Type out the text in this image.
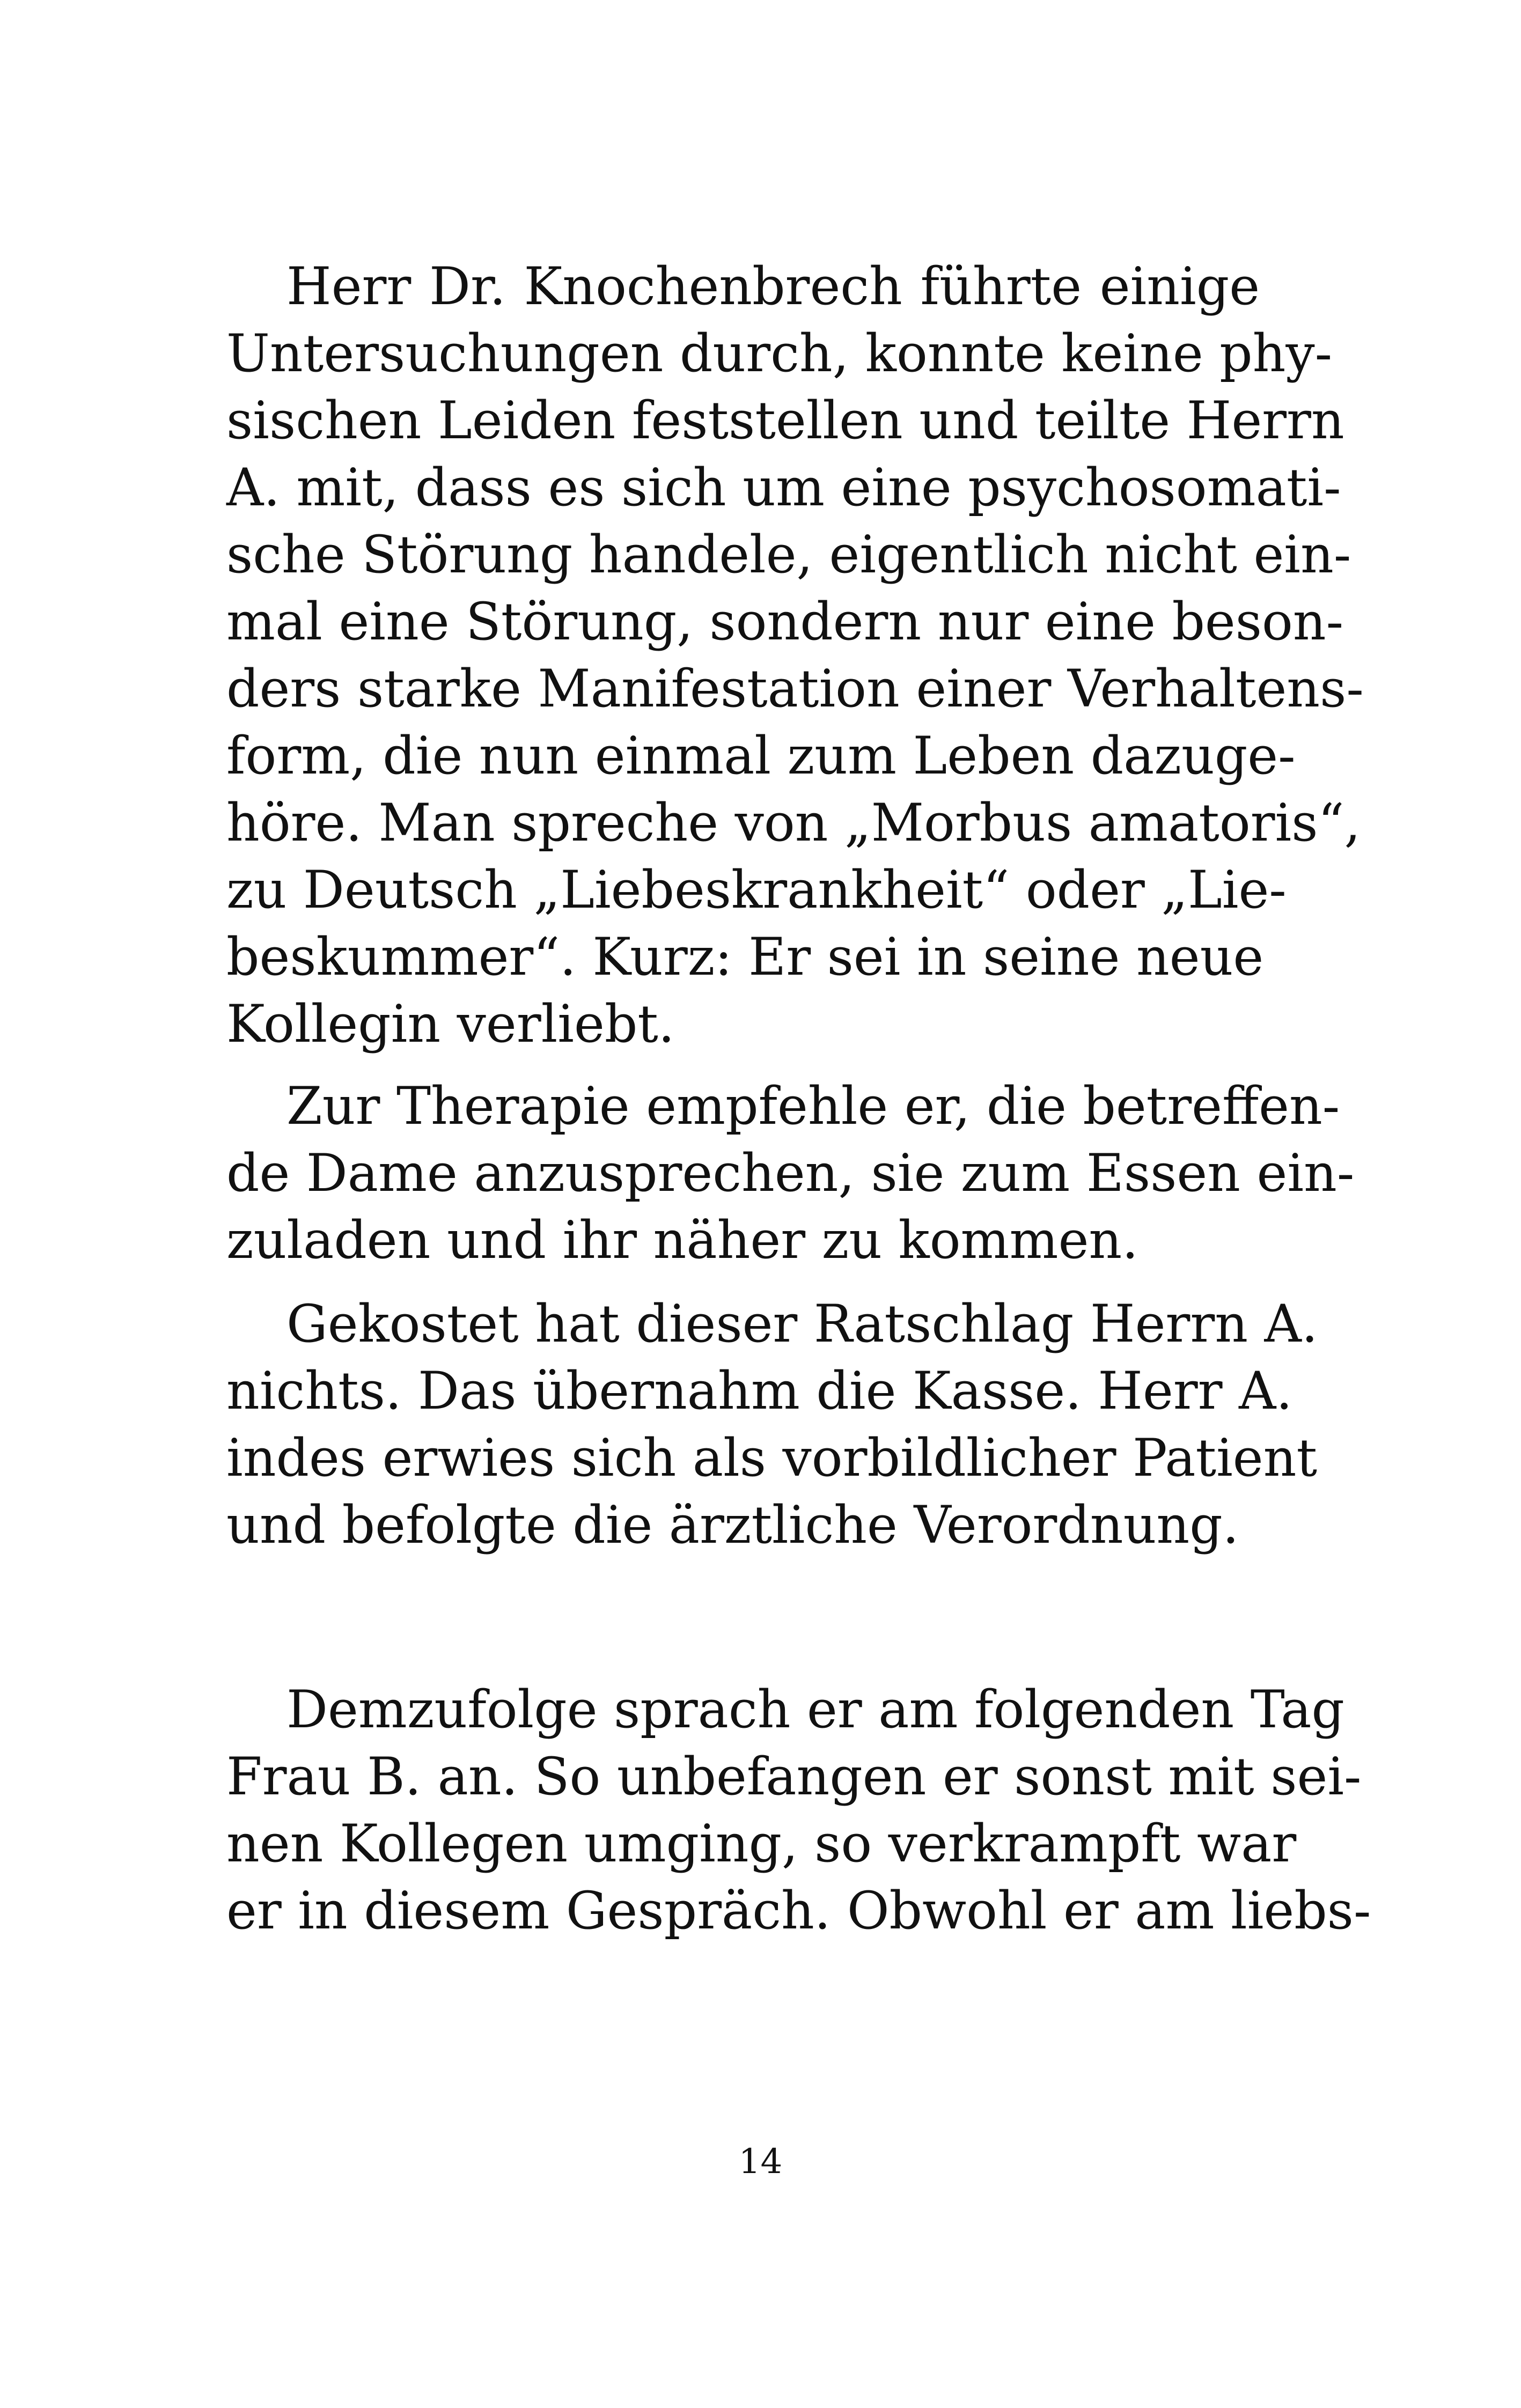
Herr Dr. Knochenbrech führte einige
Untersuchungen durch, konnte keine phy-
sischen Leiden feststellen und teilte Herrn
A. mit, dass es sich um eine psychosomati-
sche Störung handele, eigentlich nicht ein-
mal eine Störung, sondern nur eine beson-
ders starke Manifestation einer Verhaltens-
form, die nun einmal zum Leben dazuge-
höre. Man spreche von „Morbus amatoris“,
zu Deutsch „Liebeskrankheit“ oder „Lie-
beskummer“. Kurz: Er sei in seine neue
Kollegin verliebt.
Zur Therapie empfehle er, die betreffen-
de Dame anzusprechen, sie zum Essen ein-
zuladen und ihr näher zu kommen.
Gekostet hat dieser Ratschlag Herrn A.
nichts. Das übernahm die Kasse. Herr A.
indes erwies sich als vorbildlicher Patient
und befolgte die ärztliche Verordnung.
Demzufolge sprach er am folgenden Tag
Frau B. an. So unbefangen er sonst mit sei-
nen Kollegen umging, so verkrampft war
er in diesem Gespräch. Obwohl er am liebs-
14
